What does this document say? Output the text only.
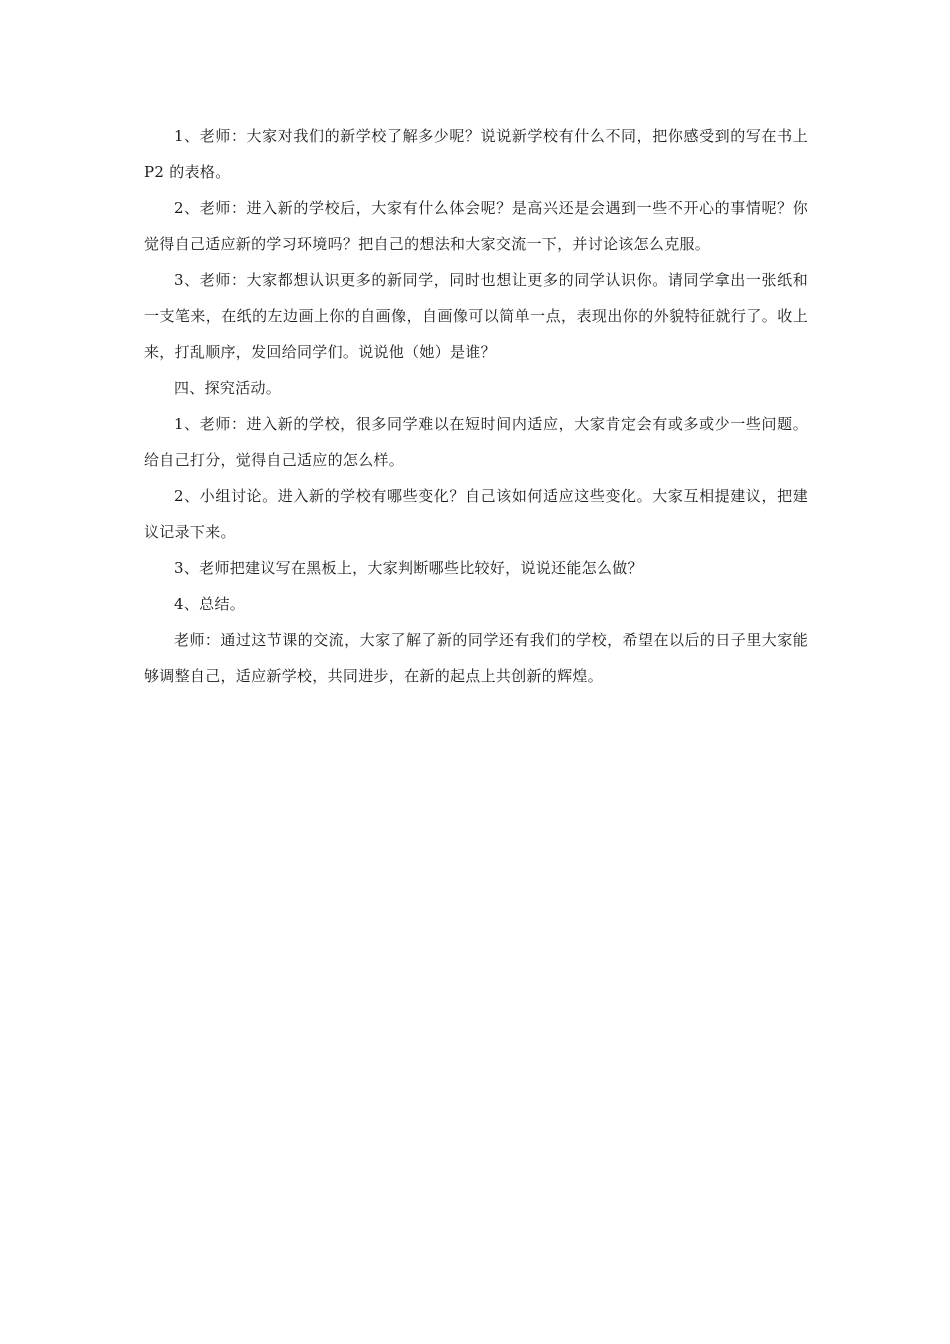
1、老师：大家对我们的新学校了解多少呢？说说新学校有什么不同，把你感受到的写在书上 P2 的表格。

2、老师：进入新的学校后，大家有什么体会呢？是高兴还是会遇到一些不开心的事情呢？你觉得自己适应新的学习环境吗？把自己的想法和大家交流一下，并讨论该怎么克服。

3、老师：大家都想认识更多的新同学，同时也想让更多的同学认识你。请同学拿出一张纸和一支笔来，在纸的左边画上你的自画像，自画像可以简单一点，表现出你的外貌特征就行了。收上来，打乱顺序，发回给同学们。说说他（她）是谁？

四、探究活动。

1、老师：进入新的学校，很多同学难以在短时间内适应，大家肯定会有或多或少一些问题。给自己打分，觉得自己适应的怎么样。

2、小组讨论。进入新的学校有哪些变化？自己该如何适应这些变化。大家互相提建议，把建议记录下来。

3、老师把建议写在黑板上，大家判断哪些比较好，说说还能怎么做？

4、总结。

老师：通过这节课的交流，大家了解了新的同学还有我们的学校，希望在以后的日子里大家能够调整自己，适应新学校，共同进步，在新的起点上共创新的辉煌。
